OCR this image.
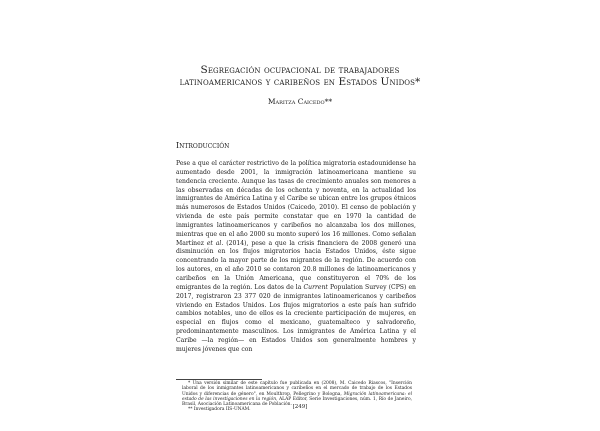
Segregación ocupacional de trabajadores
latinoamericanos y caribeños en Estados Unidos*
Maritza Caicedo**
Introducción

Pese a que el carácter restrictivo de la política migratoria estadounidense ha aumentado desde 2001, la inmigración latinoamericana mantiene su tendencia creciente. Aunque las tasas de crecimiento anuales son menores a las observadas en décadas de los ochenta y noventa, en la actualidad los inmigrantes de América Latina y el Caribe se ubican entre los grupos étnicos más numerosos de Estados Unidos (Caicedo, 2010). El censo de población y vivienda de este país permite constatar que en 1970 la cantidad de inmigrantes latinoamericanos y caribeños no alcanzaba los dos millones, mientras que en el año 2000 su monto superó los 16 millones. Como señalan Martínez et al. (2014), pese a que la crisis financiera de 2008 generó una disminución en los flujos migratorios hacia Estados Unidos, éste sigue concentrando la mayor parte de los migrantes de la región. De acuerdo con los autores, en el año 2010 se contaron 20.8 millones de latinoamericanos y caribeños en la Unión Americana, que constituyeron el 70% de los emigrantes de la región. Los datos de la Current Population Survey (CPS) en 2017, registraron 23 377 020 de inmigrantes latinoamericanos y caribeños viviendo en Estados Unidos. Los flujos migratorios a este país han sufrido cambios notables, uno de ellos es la creciente participación de mujeres, en especial en flujos como el mexicano, guatemalteco y salvadoreño, predominantemente masculinos. Los inmigrantes de América Latina y el Caribe —la región— en Estados Unidos son generalmente hombres y mujeres jóvenes que con

* Una versión similar de este capítulo fue publicada en (2008), M. Caicedo Riascos, "Inserción laboral de los inmigrantes latinoamericanos y caribeños en el mercado de trabajo de los Estados Unidos y diferencias de género", en Moulthrop, Pellegrino y Bologna, Migración latinoamericana: el estado de las investigaciones en la región, ALAP Editor, Serie Investigaciones, núm. 1, Río de Janeiro, Brasil, Asociación Latinoamericana de Población.

** Investigadora IIS-UNAM.	[249]
